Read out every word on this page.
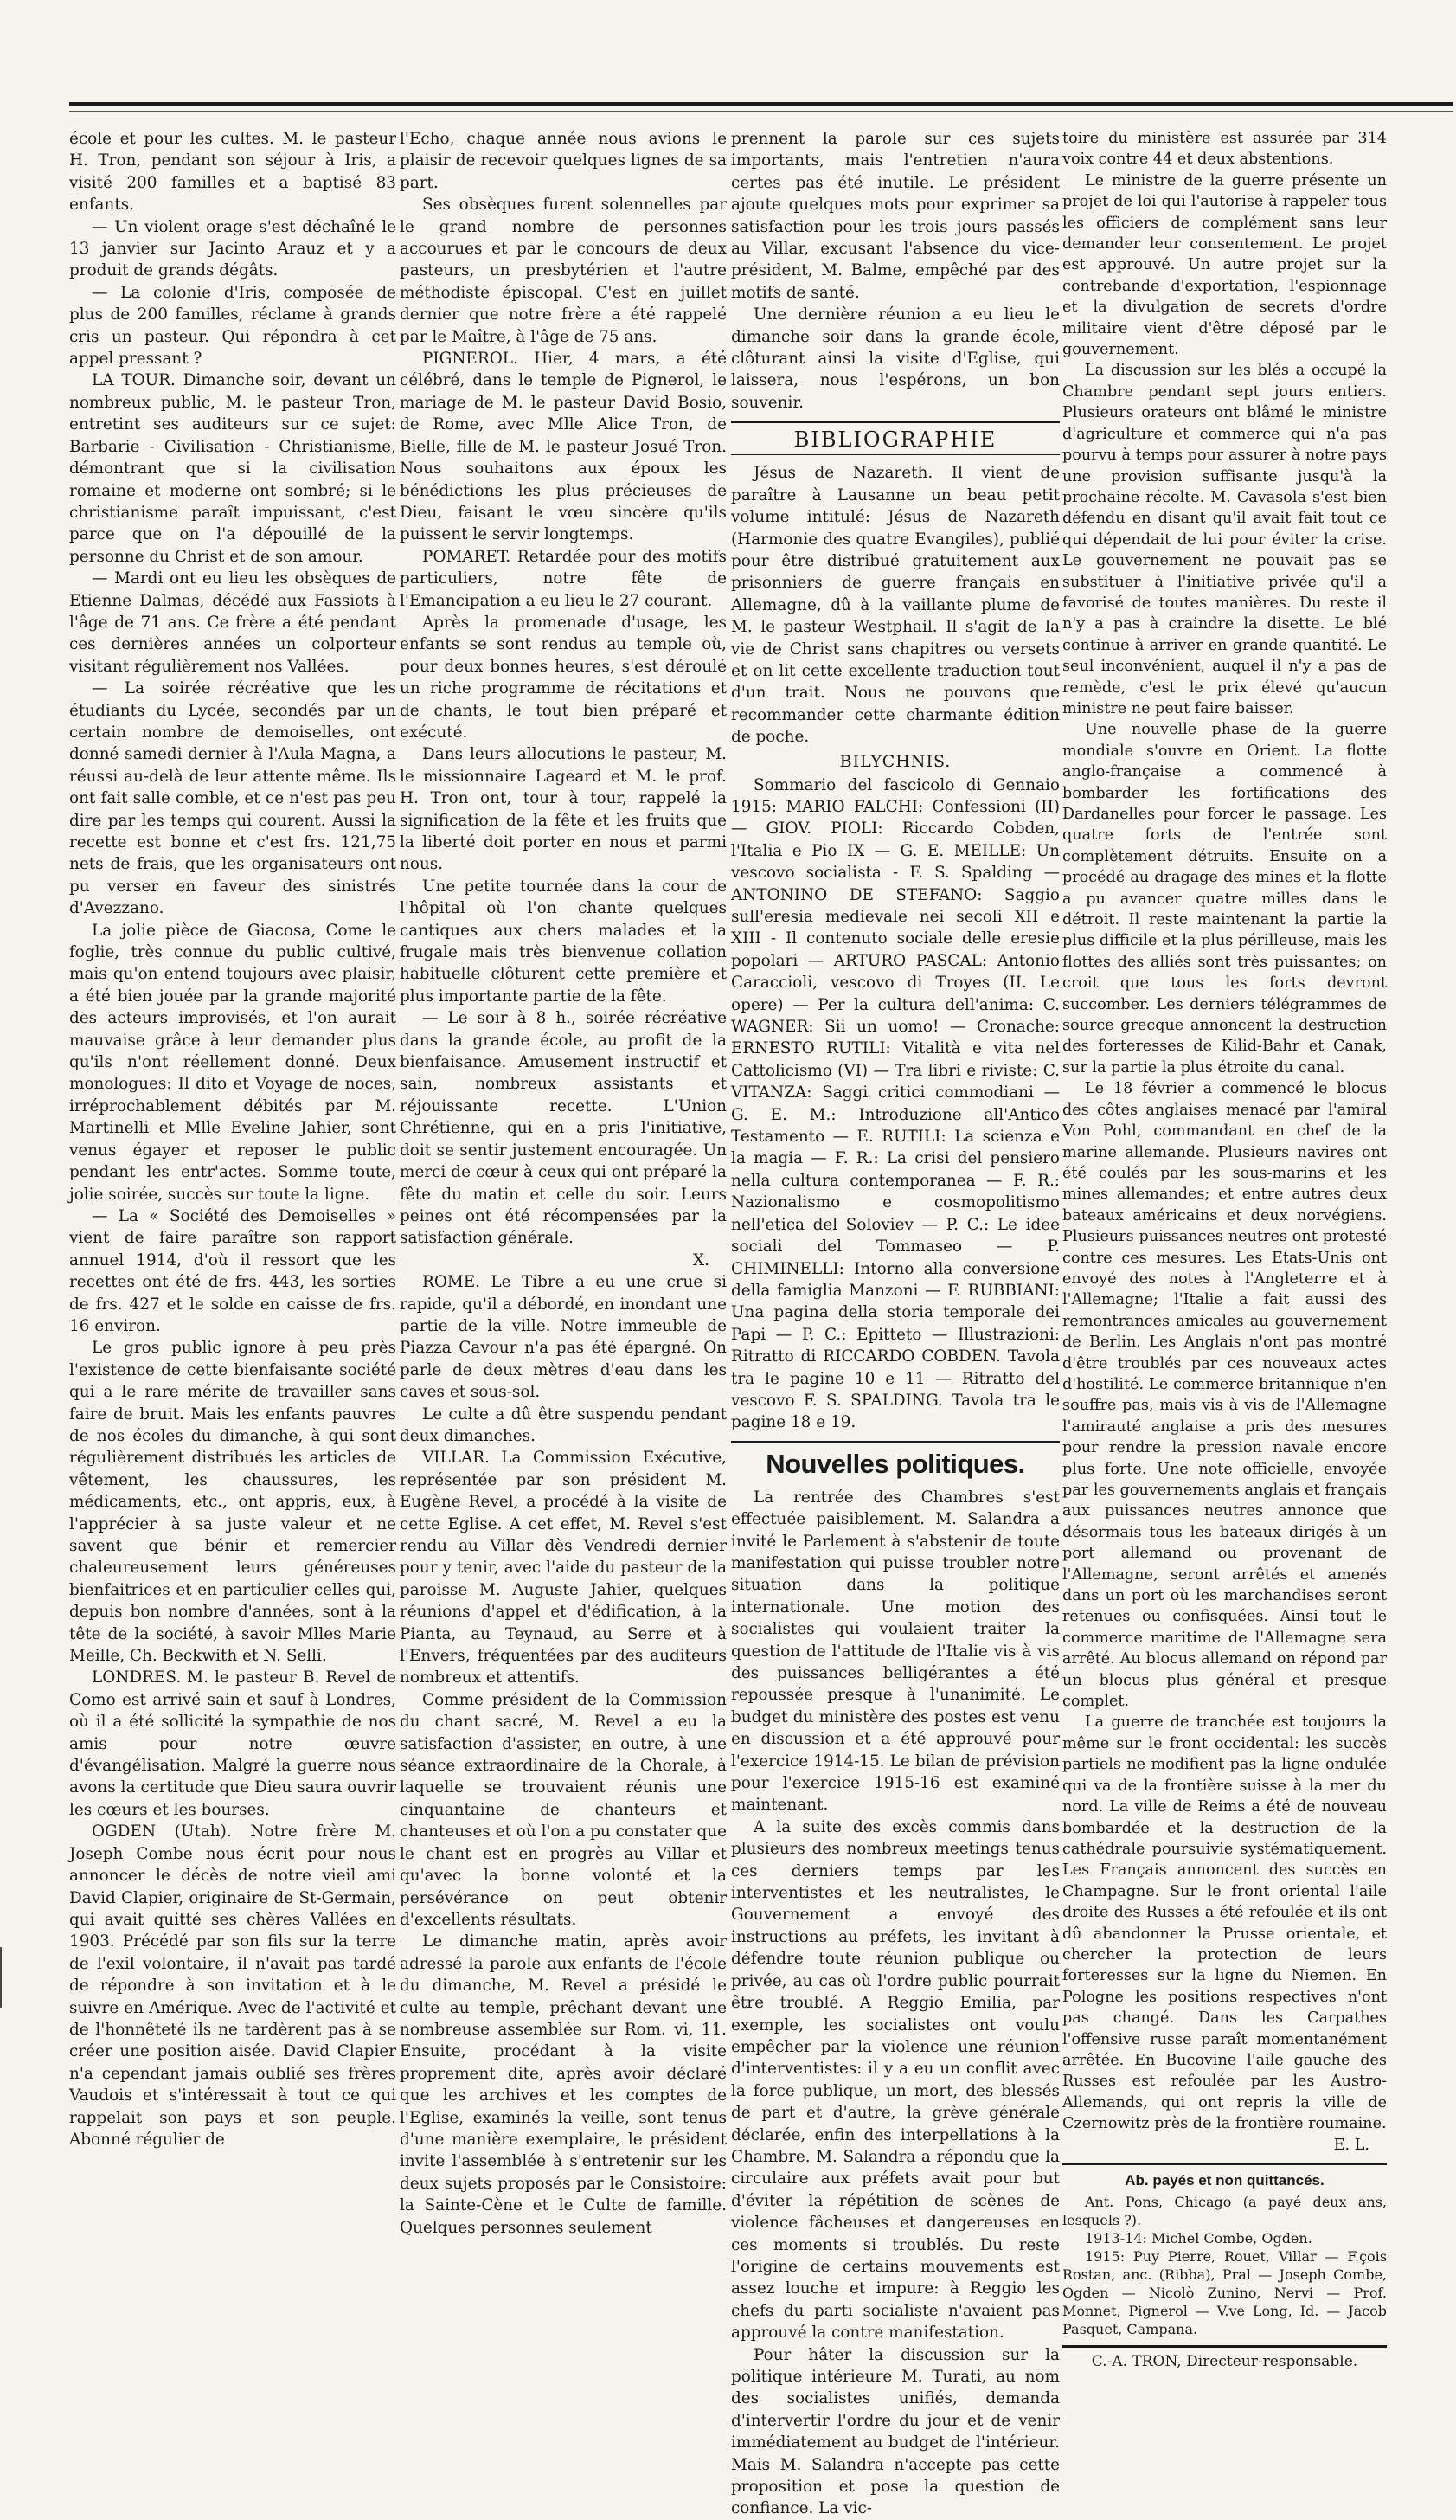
école et pour les cultes. M. le pasteur H. Tron, pendant son séjour à Iris, a visité 200 familles et a baptisé 83 enfants.

— Un violent orage s'est déchaîné le 13 janvier sur Jacinto Arauz et y a produit de grands dégâts.

— La colonie d'Iris, composée de plus de 200 familles, réclame à grands cris un pasteur. Qui répondra à cet appel pressant ?

LA TOUR. Dimanche soir, devant un nombreux public, M. le pasteur Tron, entretint ses auditeurs sur ce sujet: Barbarie - Civilisation - Christianisme, démontrant que si la civilisation romaine et moderne ont sombré; si le christianisme paraît impuissant, c'est parce que on l'a dépouillé de la personne du Christ et de son amour.

— Mardi ont eu lieu les obsèques de Etienne Dalmas, décédé aux Fassiots à l'âge de 71 ans. Ce frère a été pendant ces dernières années un colporteur visitant régulièrement nos Vallées.

— La soirée récréative que les étudiants du Lycée, secondés par un certain nombre de demoiselles, ont donné samedi dernier à l'Aula Magna, a réussi au-delà de leur attente même. Ils ont fait salle comble, et ce n'est pas peu dire par les temps qui courent. Aussi la recette est bonne et c'est frs. 121,75 nets de frais, que les organisateurs ont pu verser en faveur des sinistrés d'Avezzano.

La jolie pièce de Giacosa, Come le foglie, très connue du public cultivé, mais qu'on entend toujours avec plaisir, a été bien jouée par la grande majorité des acteurs improvisés, et l'on aurait mauvaise grâce à leur demander plus qu'ils n'ont réellement donné. Deux monologues: Il dito et Voyage de noces, irréprochablement débités par M. Martinelli et Mlle Eveline Jahier, sont venus égayer et reposer le public pendant les entr'actes. Somme toute, jolie soirée, succès sur toute la ligne.

— La « Société des Demoiselles » vient de faire paraître son rapport annuel 1914, d'où il ressort que les recettes ont été de frs. 443, les sorties de frs. 427 et le solde en caisse de frs. 16 environ.

Le gros public ignore à peu près l'existence de cette bienfaisante société qui a le rare mérite de travailler sans faire de bruit. Mais les enfants pauvres de nos écoles du dimanche, à qui sont régulièrement distribués les articles de vêtement, les chaussures, les médicaments, etc., ont appris, eux, à l'apprécier à sa juste valeur et ne savent que bénir et remercier chaleureusement leurs généreuses bienfaitrices et en particulier celles qui, depuis bon nombre d'années, sont à la tête de la société, à savoir Mlles Marie Meille, Ch. Beckwith et N. Selli.

LONDRES. M. le pasteur B. Revel de Como est arrivé sain et sauf à Londres, où il a été sollicité la sympathie de nos amis pour notre œuvre d'évangélisation. Malgré la guerre nous avons la certitude que Dieu saura ouvrir les cœurs et les bourses.

OGDEN (Utah). Notre frère M. Joseph Combe nous écrit pour nous annoncer le décès de notre vieil ami David Clapier, originaire de St-Germain, qui avait quitté ses chères Vallées en 1903. Précédé par son fils sur la terre de l'exil volontaire, il n'avait pas tardé de répondre à son invitation et à le suivre en Amérique. Avec de l'activité et de l'honnêteté ils ne tardèrent pas à se créer une position aisée. David Clapier n'a cependant jamais oublié ses frères Vaudois et s'intéressait à tout ce qui rappelait son pays et son peuple. Abonné régulier de

l'Echo, chaque année nous avions le plaisir de recevoir quelques lignes de sa part.

Ses obsèques furent solennelles par le grand nombre de personnes accourues et par le concours de deux pasteurs, un presbytérien et l'autre méthodiste épiscopal. C'est en juillet dernier que notre frère a été rappelé par le Maître, à l'âge de 75 ans.

PIGNEROL. Hier, 4 mars, a été célébré, dans le temple de Pignerol, le mariage de M. le pasteur David Bosio, de Rome, avec Mlle Alice Tron, de Bielle, fille de M. le pasteur Josué Tron. Nous souhaitons aux époux les bénédictions les plus précieuses de Dieu, faisant le vœu sincère qu'ils puissent le servir longtemps.

POMARET. Retardée pour des motifs particuliers, notre fête de l'Emancipation a eu lieu le 27 courant.

Après la promenade d'usage, les enfants se sont rendus au temple où, pour deux bonnes heures, s'est déroulé un riche programme de récitations et de chants, le tout bien préparé et exécuté.

Dans leurs allocutions le pasteur, M. le missionnaire Lageard et M. le prof. H. Tron ont, tour à tour, rappelé la signification de la fête et les fruits que la liberté doit porter en nous et parmi nous.

Une petite tournée dans la cour de l'hôpital où l'on chante quelques cantiques aux chers malades et la frugale mais très bienvenue collation habituelle clôturent cette première et plus importante partie de la fête.

— Le soir à 8 h., soirée récréative dans la grande école, au profit de la bienfaisance. Amusement instructif et sain, nombreux assistants et réjouissante recette. L'Union Chrétienne, qui en a pris l'initiative, doit se sentir justement encouragée. Un merci de cœur à ceux qui ont préparé la fête du matin et celle du soir. Leurs peines ont été récompensées par la satisfaction générale.

X.

ROME. Le Tibre a eu une crue si rapide, qu'il a débordé, en inondant une partie de la ville. Notre immeuble de Piazza Cavour n'a pas été épargné. On parle de deux mètres d'eau dans les caves et sous-sol.

Le culte a dû être suspendu pendant deux dimanches.

VILLAR. La Commission Exécutive, représentée par son président M. Eugène Revel, a procédé à la visite de cette Eglise. A cet effet, M. Revel s'est rendu au Villar dès Vendredi dernier pour y tenir, avec l'aide du pasteur de la paroisse M. Auguste Jahier, quelques réunions d'appel et d'édification, à la Pianta, au Teynaud, au Serre et à l'Envers, fréquentées par des auditeurs nombreux et attentifs.

Comme président de la Commission du chant sacré, M. Revel a eu la satisfaction d'assister, en outre, à une séance extraordinaire de la Chorale, à laquelle se trouvaient réunis une cinquantaine de chanteurs et chanteuses et où l'on a pu constater que le chant est en progrès au Villar et qu'avec la bonne volonté et la persévérance on peut obtenir d'excellents résultats.

Le dimanche matin, après avoir adressé la parole aux enfants de l'école du dimanche, M. Revel a présidé le culte au temple, prêchant devant une nombreuse assemblée sur Rom. vi, 11. Ensuite, procédant à la visite proprement dite, après avoir déclaré que les archives et les comptes de l'Eglise, examinés la veille, sont tenus d'une manière exemplaire, le président invite l'assemblée à s'entretenir sur les deux sujets proposés par le Consistoire: la Sainte-Cène et le Culte de famille. Quelques personnes seulement

prennent la parole sur ces sujets importants, mais l'entretien n'aura certes pas été inutile. Le président ajoute quelques mots pour exprimer sa satisfaction pour les trois jours passés au Villar, excusant l'absence du vice-président, M. Balme, empêché par des motifs de santé.

Une dernière réunion a eu lieu le dimanche soir dans la grande école, clôturant ainsi la visite d'Eglise, qui laissera, nous l'espérons, un bon souvenir.

BIBLIOGRAPHIE

Jésus de Nazareth. Il vient de paraître à Lausanne un beau petit volume intitulé: Jésus de Nazareth (Harmonie des quatre Evangiles), publié pour être distribué gratuitement aux prisonniers de guerre français en Allemagne, dû à la vaillante plume de M. le pasteur Westphail. Il s'agit de la vie de Christ sans chapitres ou versets et on lit cette excellente traduction tout d'un trait. Nous ne pouvons que recommander cette charmante édition de poche.

BILYCHNIS.

Sommario del fascicolo di Gennaio 1915: MARIO FALCHI: Confessioni (II) — GIOV. PIOLI: Riccardo Cobden, l'Italia e Pio IX — G. E. MEILLE: Un vescovo socialista - F. S. Spalding — ANTONINO DE STEFANO: Saggio sull'eresia medievale nei secoli XII e XIII - Il contenuto sociale delle eresie popolari — ARTURO PASCAL: Antonio Caraccioli, vescovo di Troyes (II. Le opere) — Per la cultura dell'anima: C. WAGNER: Sii un uomo! — Cronache: ERNESTO RUTILI: Vitalità e vita nel Cattolicismo (VI) — Tra libri e riviste: C. VITANZA: Saggi critici commodiani — G. E. M.: Introduzione all'Antico Testamento — E. RUTILI: La scienza e la magia — F. R.: La crisi del pensiero nella cultura contemporanea — F. R.: Nazionalismo e cosmopolitismo nell'etica del Soloviev — P. C.: Le idee sociali del Tommaseo — P. CHIMINELLI: Intorno alla conversione della famiglia Manzoni — F. RUBBIANI: Una pagina della storia temporale dei Papi — P. C.: Epitteto — Illustrazioni: Ritratto di RICCARDO COBDEN. Tavola tra le pagine 10 e 11 — Ritratto del vescovo F. S. SPALDING. Tavola tra le pagine 18 e 19.

Nouvelles politiques.

La rentrée des Chambres s'est effectuée paisiblement. M. Salandra a invité le Parlement à s'abstenir de toute manifestation qui puisse troubler notre situation dans la politique internationale. Une motion des socialistes qui voulaient traiter la question de l'attitude de l'Italie vis à vis des puissances belligérantes a été repoussée presque à l'unanimité. Le budget du ministère des postes est venu en discussion et a été approuvé pour l'exercice 1914-15. Le bilan de prévision pour l'exercice 1915-16 est examiné maintenant.

A la suite des excès commis dans plusieurs des nombreux meetings tenus ces derniers temps par les interventistes et les neutralistes, le Gouvernement a envoyé des instructions au préfets, les invitant à défendre toute réunion publique ou privée, au cas où l'ordre public pourrait être troublé. A Reggio Emilia, par exemple, les socialistes ont voulu empêcher par la violence une réunion d'interventistes: il y a eu un conflit avec la force publique, un mort, des blessés de part et d'autre, la grève générale déclarée, enfin des interpellations à la Chambre. M. Salandra a répondu que la circulaire aux préfets avait pour but d'éviter la répétition de scènes de violence fâcheuses et dangereuses en ces moments si troublés. Du reste l'origine de certains mouvements est assez louche et impure: à Reggio les chefs du parti socialiste n'avaient pas approuvé la contre manifestation.

Pour hâter la discussion sur la politique intérieure M. Turati, au nom des socialistes unifiés, demanda d'intervertir l'ordre du jour et de venir immédiatement au budget de l'intérieur. Mais M. Salandra n'accepte pas cette proposition et pose la question de confiance. La vic-

toire du ministère est assurée par 314 voix contre 44 et deux abstentions.

Le ministre de la guerre présente un projet de loi qui l'autorise à rappeler tous les officiers de complément sans leur demander leur consentement. Le projet est approuvé. Un autre projet sur la contrebande d'exportation, l'espionnage et la divulgation de secrets d'ordre militaire vient d'être déposé par le gouvernement.

La discussion sur les blés a occupé la Chambre pendant sept jours entiers. Plusieurs orateurs ont blâmé le ministre d'agriculture et commerce qui n'a pas pourvu à temps pour assurer à notre pays une provision suffisante jusqu'à la prochaine récolte. M. Cavasola s'est bien défendu en disant qu'il avait fait tout ce qui dépendait de lui pour éviter la crise. Le gouvernement ne pouvait pas se substituer à l'initiative privée qu'il a favorisé de toutes manières. Du reste il n'y a pas à craindre la disette. Le blé continue à arriver en grande quantité. Le seul inconvénient, auquel il n'y a pas de remède, c'est le prix élevé qu'aucun ministre ne peut faire baisser.

Une nouvelle phase de la guerre mondiale s'ouvre en Orient. La flotte anglo-française a commencé à bombarder les fortifications des Dardanelles pour forcer le passage. Les quatre forts de l'entrée sont complètement détruits. Ensuite on a procédé au dragage des mines et la flotte a pu avancer quatre milles dans le détroit. Il reste maintenant la partie la plus difficile et la plus périlleuse, mais les flottes des alliés sont très puissantes; on croit que tous les forts devront succomber. Les derniers télégrammes de source grecque annoncent la destruction des forteresses de Kilid-Bahr et Canak, sur la partie la plus étroite du canal.

Le 18 février a commencé le blocus des côtes anglaises menacé par l'amiral Von Pohl, commandant en chef de la marine allemande. Plusieurs navires ont été coulés par les sous-marins et les mines allemandes; et entre autres deux bateaux américains et deux norvégiens. Plusieurs puissances neutres ont protesté contre ces mesures. Les Etats-Unis ont envoyé des notes à l'Angleterre et à l'Allemagne; l'Italie a fait aussi des remontrances amicales au gouvernement de Berlin. Les Anglais n'ont pas montré d'être troublés par ces nouveaux actes d'hostilité. Le commerce britannique n'en souffre pas, mais vis à vis de l'Allemagne l'amirauté anglaise a pris des mesures pour rendre la pression navale encore plus forte. Une note officielle, envoyée par les gouvernements anglais et français aux puissances neutres annonce que désormais tous les bateaux dirigés à un port allemand ou provenant de l'Allemagne, seront arrêtés et amenés dans un port où les marchandises seront retenues ou confisquées. Ainsi tout le commerce maritime de l'Allemagne sera arrêté. Au blocus allemand on répond par un blocus plus général et presque complet.

La guerre de tranchée est toujours la même sur le front occidental: les succès partiels ne modifient pas la ligne ondulée qui va de la frontière suisse à la mer du nord. La ville de Reims a été de nouveau bombardée et la destruction de la cathédrale poursuivie systématiquement. Les Français annoncent des succès en Champagne. Sur le front oriental l'aile droite des Russes a été refoulée et ils ont dû abandonner la Prusse orientale, et chercher la protection de leurs forteresses sur la ligne du Niemen. En Pologne les positions respectives n'ont pas changé. Dans les Carpathes l'offensive russe paraît momentanément arrêtée. En Bucovine l'aile gauche des Russes est refoulée par les Austro-Allemands, qui ont repris la ville de Czernowitz près de la frontière roumaine.

E. L.
Ab. payés et non quittancés.

Ant. Pons, Chicago (a payé deux ans, lesquels ?).

1913-14: Michel Combe, Ogden.

1915: Puy Pierre, Rouet, Villar — F.çois Rostan, anc. (Ribba), Pral — Joseph Combe, Ogden — Nicolò Zunino, Nervi — Prof. Monnet, Pignerol — V.ve Long, Id. — Jacob Pasquet, Campana.

C.-A. TRON, Directeur-responsable.
